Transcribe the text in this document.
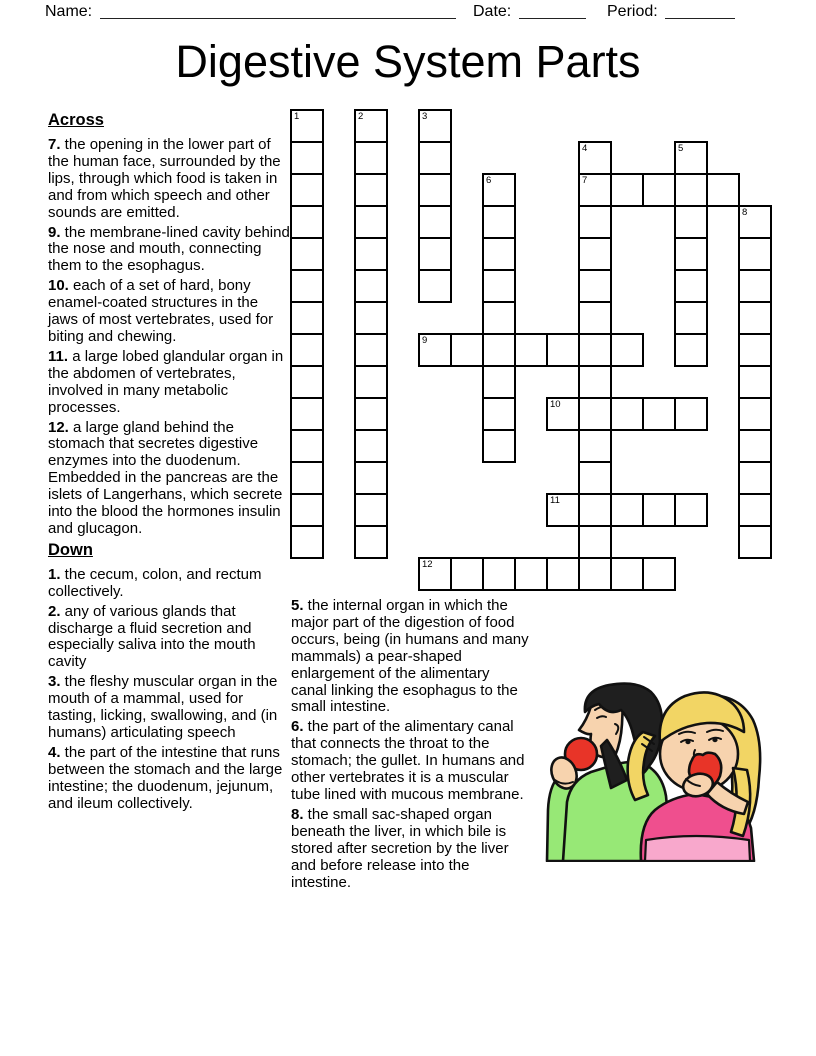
Name:	Date:	Period:
Digestive System Parts
Across

7. the opening in the lower part of the human face, surrounded by the lips, through which food is taken in and from which speech and other sounds are emitted.

9. the membrane-lined cavity behind the nose and mouth, connecting them to the esophagus.

10. each of a set of hard, bony enamel-coated structures in the jaws of most vertebrates, used for biting and chewing.

11. a large lobed glandular organ in the abdomen of vertebrates, involved in many metabolic processes.

12. a large gland behind the stomach that secretes digestive enzymes into the duodenum. Embedded in the pancreas are the islets of Langerhans, which secrete into the blood the hormones insulin and glucagon.

Down

1. the cecum, colon, and rectum collectively.

2. any of various glands that discharge a fluid secretion and especially saliva into the mouth cavity

3. the fleshy muscular organ in the mouth of a mammal, used for tasting, licking, swallowing, and (in humans) articulating speech

4. the part of the intestine that runs between the stomach and the large intestine; the duodenum, jejunum, and ileum collectively.

5. the internal organ in which the major part of the digestion of food occurs, being (in humans and many mammals) a pear-shaped enlargement of the alimentary canal linking the esophagus to the small intestine.

6. the part of the alimentary canal that connects the throat to the stomach; the gullet. In humans and other vertebrates it is a muscular tube lined with mucous membrane.

8. the small sac-shaped organ beneath the liver, in which bile is stored after secretion by the liver and before release into the intestine.

1	2	3
9
12
6
10
11
4
7
5
8
